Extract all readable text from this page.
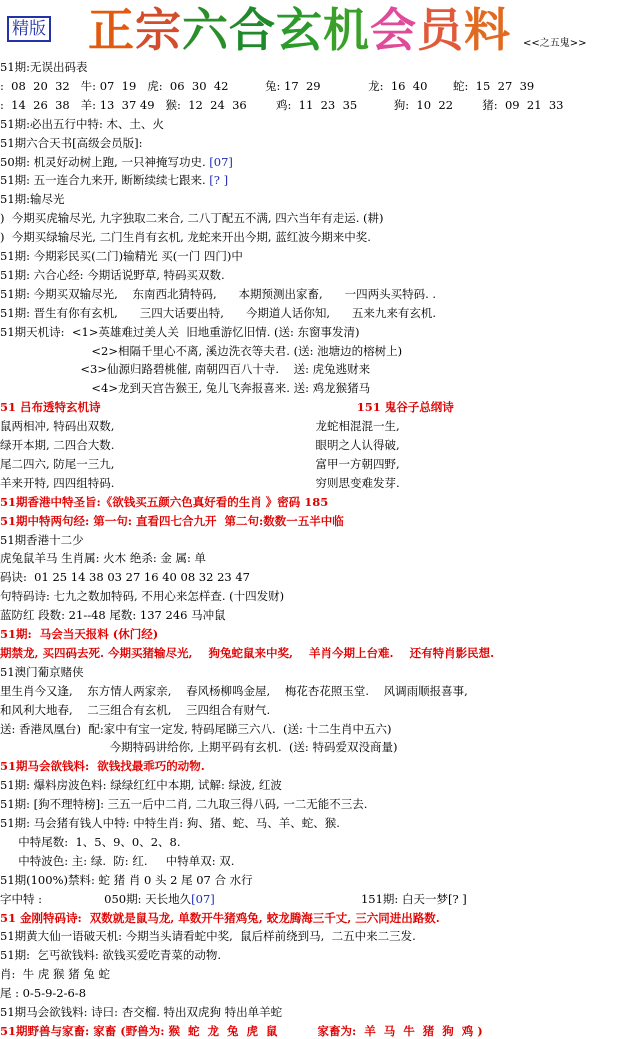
精版 正宗六合玄机会员料 <<之五鬼>>
51期:无误出码表
:  08  20  32   牛: 07  19   虎:  06  30  42          兔: 17  29             龙:  16  40       蛇:  15  27  39
:  14  26  38   羊: 13  37 49   猴:  12  24  36        鸡:  11  23  35          狗:  10  22        猪:  09  21  33
51期:必出五行中特: 木、土、火
51期六合天书[高级会员版]:
50期: 机灵好动树上跑, 一只神掩写功史. [07]
51期: 五一连合九来开, 断断续续七跟来. [? ]
51期:输尽光
)  今期买虎输尽光, 九字独取二来合, 二八丁配五不满, 四六当年有走运. (耕)
)  今期买绿输尽光, 二门生肖有玄机, 龙蛇来开出今期, 蓝红波今期来中奖.
51期: 今期彩民买(二门)输精光 买(一门 四门)中
51期: 六合心经: 今期话说野草, 特码买双数.
51期: 今期买双输尽光,    东南西北猜特码,      本期预测出家畜,      一四两头买特码. .
51期: 晋生有你有玄机,      三四大话要出特,      今期道人话你知,      五来九来有玄机.
51期天机诗:  <1>英雄难过美人关  旧地重游忆旧情. (送: 东窗事发清)
<2>相隔千里心不离, 溪边洗衣等夫君. (送: 池塘边的榕树上)
<3>仙源归路碧桃催, 南朝四百八十寺.    送: 虎兔逃财来
<4>龙到天宫告猴王, 兔儿飞奔报喜来. 送: 鸡龙猴猪马
51 吕布透特玄机诗                                                                151 鬼谷子总纲诗
鼠两相冲, 特码出双数,                                                       龙蛇相混混一生,
绿开本期, 二四合大数.                                                       眼明之人认得破,
尾二四六, 防尾一三九,                                                       富甲一方朝四野,
羊来开特, 四四组特码.                                                       穷则思变难发芽.
51期香港中特圣旨:《欲钱买五颜六色真好看的生肖 》密码 185
51期中特两句经: 第一句: 直看四七合九开  第二句:数数一五半中临
51期香港十二少
虎兔鼠羊马 生肖属: 火木 绝杀: 金 属: 单
码诀:  01 25 14 38 03 27 16 40 08 32 23 47
句特码诗: 七九之数加特码, 不用心来怎样查. (十四发财)
蓝防红 段数: 21--48 尾数: 137 246 马冲鼠
51期:  马会当天报料 (休门经)
期禁龙, 买四码去死. 今期买猪输尽光,    狗兔蛇鼠来中奖,    羊肖今期上台难.    还有特肖影民想.
51澳门葡京赌侠
里生肖今又逢,    东方情人两家亲,    春风杨柳鸣金屋,    梅花杏花照玉堂.    风调雨顺报喜事,
和风利大地春,    二三组合有玄机,    三四组合有财气.
送: 香港凤凰台)  配:家中有宝一定发, 特码尾睇三六八.  (送: 十二生肖中五六)
今期特码讲给你, 上期平码有玄机.  (送: 特码爱双没商量)
51期马会欲钱料:  欲钱找最乖巧的动物.
51期: 爆料房波色料: 绿绿红红中本期, 试解: 绿波, 红波
51期: [狗不理特榜]: 三五一后中二肖, 二九取三得八码, 一二无能不三去.
51期: 马会猪有钱人中特: 中特生肖: 狗、猪、蛇、马、羊、蛇、猴.
中特尾数:  1、5、9、0、2、8.
中特波色: 主: 绿.  防: 红.     中特单双: 双.
51期(100%)禁料: 蛇 猪 肖 0 头 2 尾 07 合 水行
字中特 :                 050期: 天长地久[07]                                        151期: 白天一梦[? ]
51 金刚特码诗:  双数就是鼠马龙, 单数开牛猪鸡兔, 蛟龙腾海三千丈, 三六同进出路数.
51期黄大仙一语破天机: 今期当头请看蛇中奖,  鼠后样前绕到马,  二五中来二三发.
51期:  乞丐欲钱料: 欲钱买爱吃青菜的动物.
肖:  牛 虎 猴 猪 兔 蛇
尾 : 0-5-9-2-6-8
51期马会欲钱料: 诗曰: 杏交榴. 特出双虎狗 特出单羊蛇
51期野兽与家畜: 家畜 (野兽为: 猴  蛇  龙  兔  虎  鼠          家畜为:  羊  马  牛  猪  狗  鸡 )
